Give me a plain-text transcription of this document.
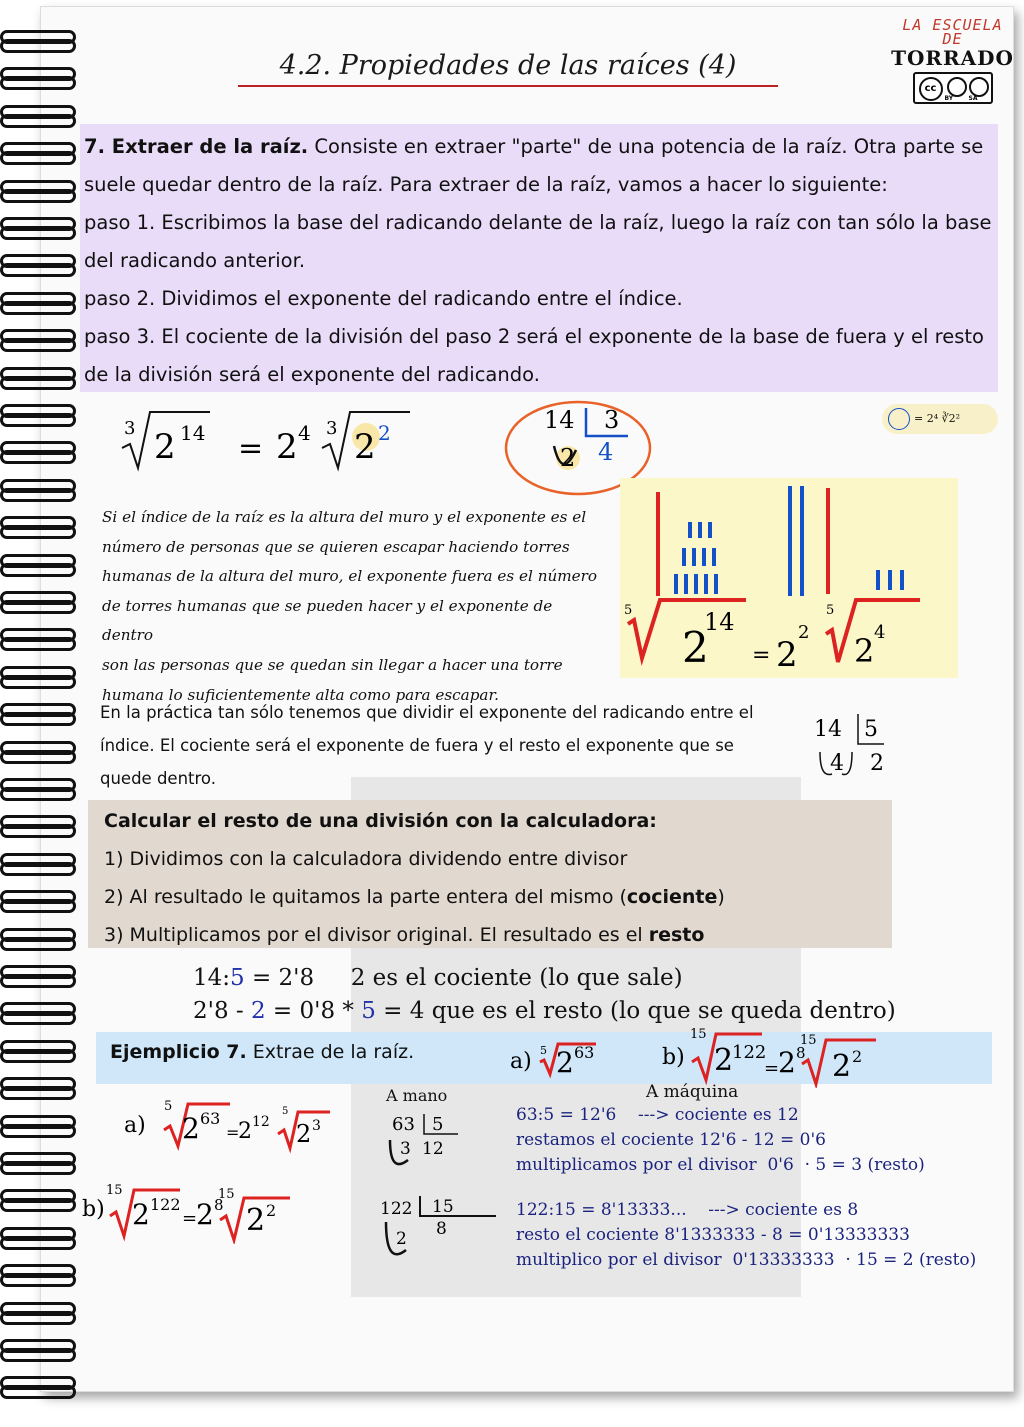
4.2. Propiedades de las raíces (4)
LA ESCUELA
DE
TORRADO
cc
BY	SA
7. Extraer de la raíz. Consiste en extraer "parte" de una potencia de la raíz. Otra parte se suele quedar dentro de la raíz. Para extraer de la raíz, vamos a hacer lo siguiente:
paso 1. Escribimos la base del radicando delante de la raíz, luego la raíz con tan sólo la base del radicando anterior.
paso 2. Dividimos el exponente del radicando entre el índice.
paso 3. El cociente de la división del paso 2 será el exponente de la base de fuera y el resto de la división será el exponente del radicando.
3 2 14 = 2 4 3 2 2	14 3
2 4
= 2⁴ ∛2²
Si el índice de la raíz es la altura del muro y el exponente es el
número de personas que se quieren escapar haciendo torres
humanas de la altura del muro, el exponente fuera es el número
de torres humanas que se pueden hacer y el exponente de dentro
son las personas que se quedan sin llegar a hacer una torre
humana lo suficientemente alta como para escapar.
5
2
14
= 2
2
5
2 4
En la práctica tan sólo tenemos que dividir el exponente del radicando entre el índice. El cociente será el exponente de fuera y el resto el exponente que se quede dentro.
14 5
4 2
Calcular el resto de una división con la calculadora:
1) Dividimos con la calculadora dividendo entre divisor
2) Al resultado le quitamos la parte entera del mismo (cociente)
3) Multiplicamos por el divisor original. El resultado es el resto
14:5 = 2'8     2 es el cociente (lo que sale)
2'8 - 2 = 0'8 * 5 = 4 que es el resto (lo que se queda dentro)
Ejemplicio 7. Extrae de la raíz.	a) 5 2 63	b)
15
2
122
=
2 8
15
2 2
A mano	A máquina
a)
5
2 63
=
2 12
5
2 3	63 5
3 12
63:5 = 12'6    ---> cociente es 12
restamos el cociente 12'6 - 12 = 0'6
multiplicamos por el divisor  0'6  · 5 = 3 (resto)
b)
15
2 122
=
2 8
15
2 2	122 15
2 8
122:15 = 8'13333...    ---> cociente es 8
resto el cociente 8'1333333 - 8 = 0'13333333
multiplico por el divisor  0'13333333  · 15 = 2 (resto)
